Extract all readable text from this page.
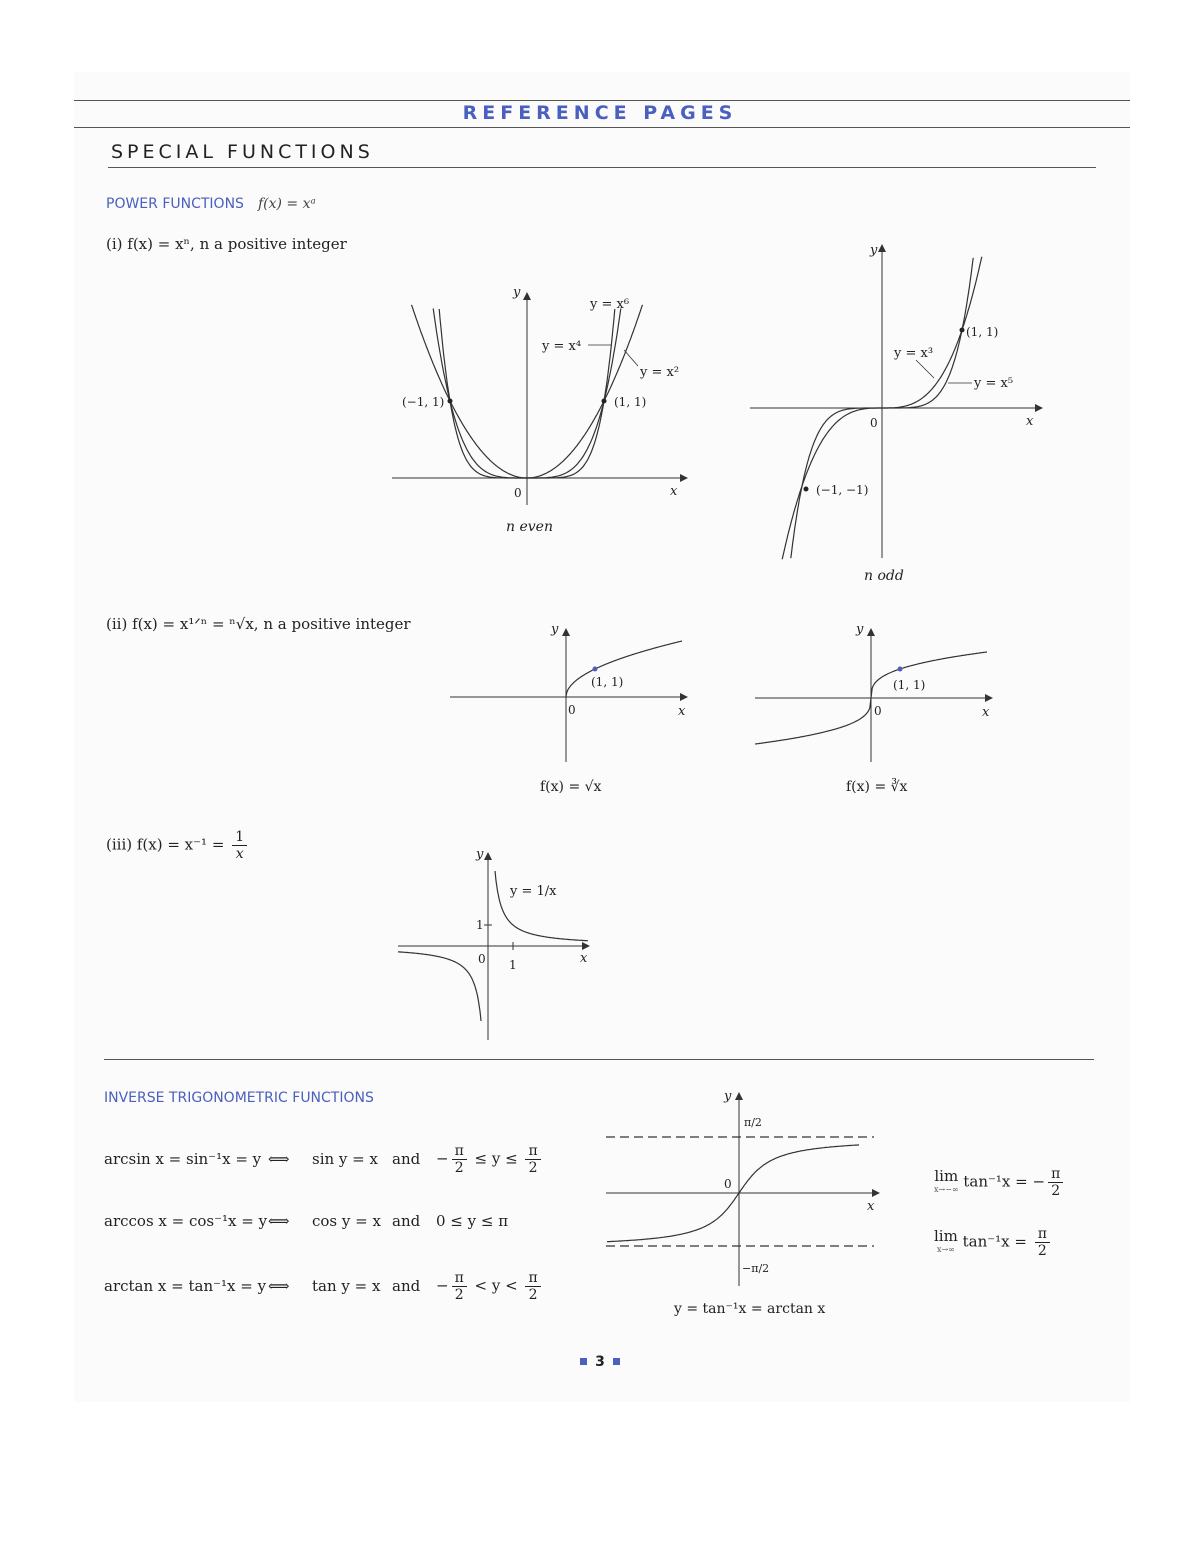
REFERENCE PAGES
SPECIAL FUNCTIONS
POWER FUNCTIONS f(x) = xᵃ
(i) f(x) = xⁿ, n a positive integer
y = x⁶
y = x⁴
y = x²
(−1, 1)	(1, 1)
0	x
y
n even
y = x³
y = x⁵
(1, 1)
(−1, −1)
0	x
y
n odd
(ii) f(x) = x¹ᐟⁿ = ⁿ√x, n a positive integer
(1, 1)
0	x
y
f(x) = √x
(1, 1)
0	x
y
f(x) = ∛x
(iii) $f(x) = x^{-1} = \frac{1}{x}$
y = 1/x
1
1
0	x
y
INVERSE TRIGONOMETRIC FUNCTIONS
arcsin x = sin⁻¹x = y ⟺ sin y = x and − $\frac{\pi}{2} \le y \le \frac{\pi}{2}$
arccos x = cos⁻¹x = y⟺ cos y = x and 0 ≤ y ≤ π
arctan x = tan⁻¹x = y ⟺ tan y = x and − $\frac{\pi}{2} < y < \frac{\pi}{2}$
π/2
−π/2
0
x
y
y = tan⁻¹x = arctan x
lim
x→−∞ tan⁻¹x = − $\frac{\pi}{2}$
lim
x→∞ $\tan^{-1}x = \frac{\pi}{2}$
3
